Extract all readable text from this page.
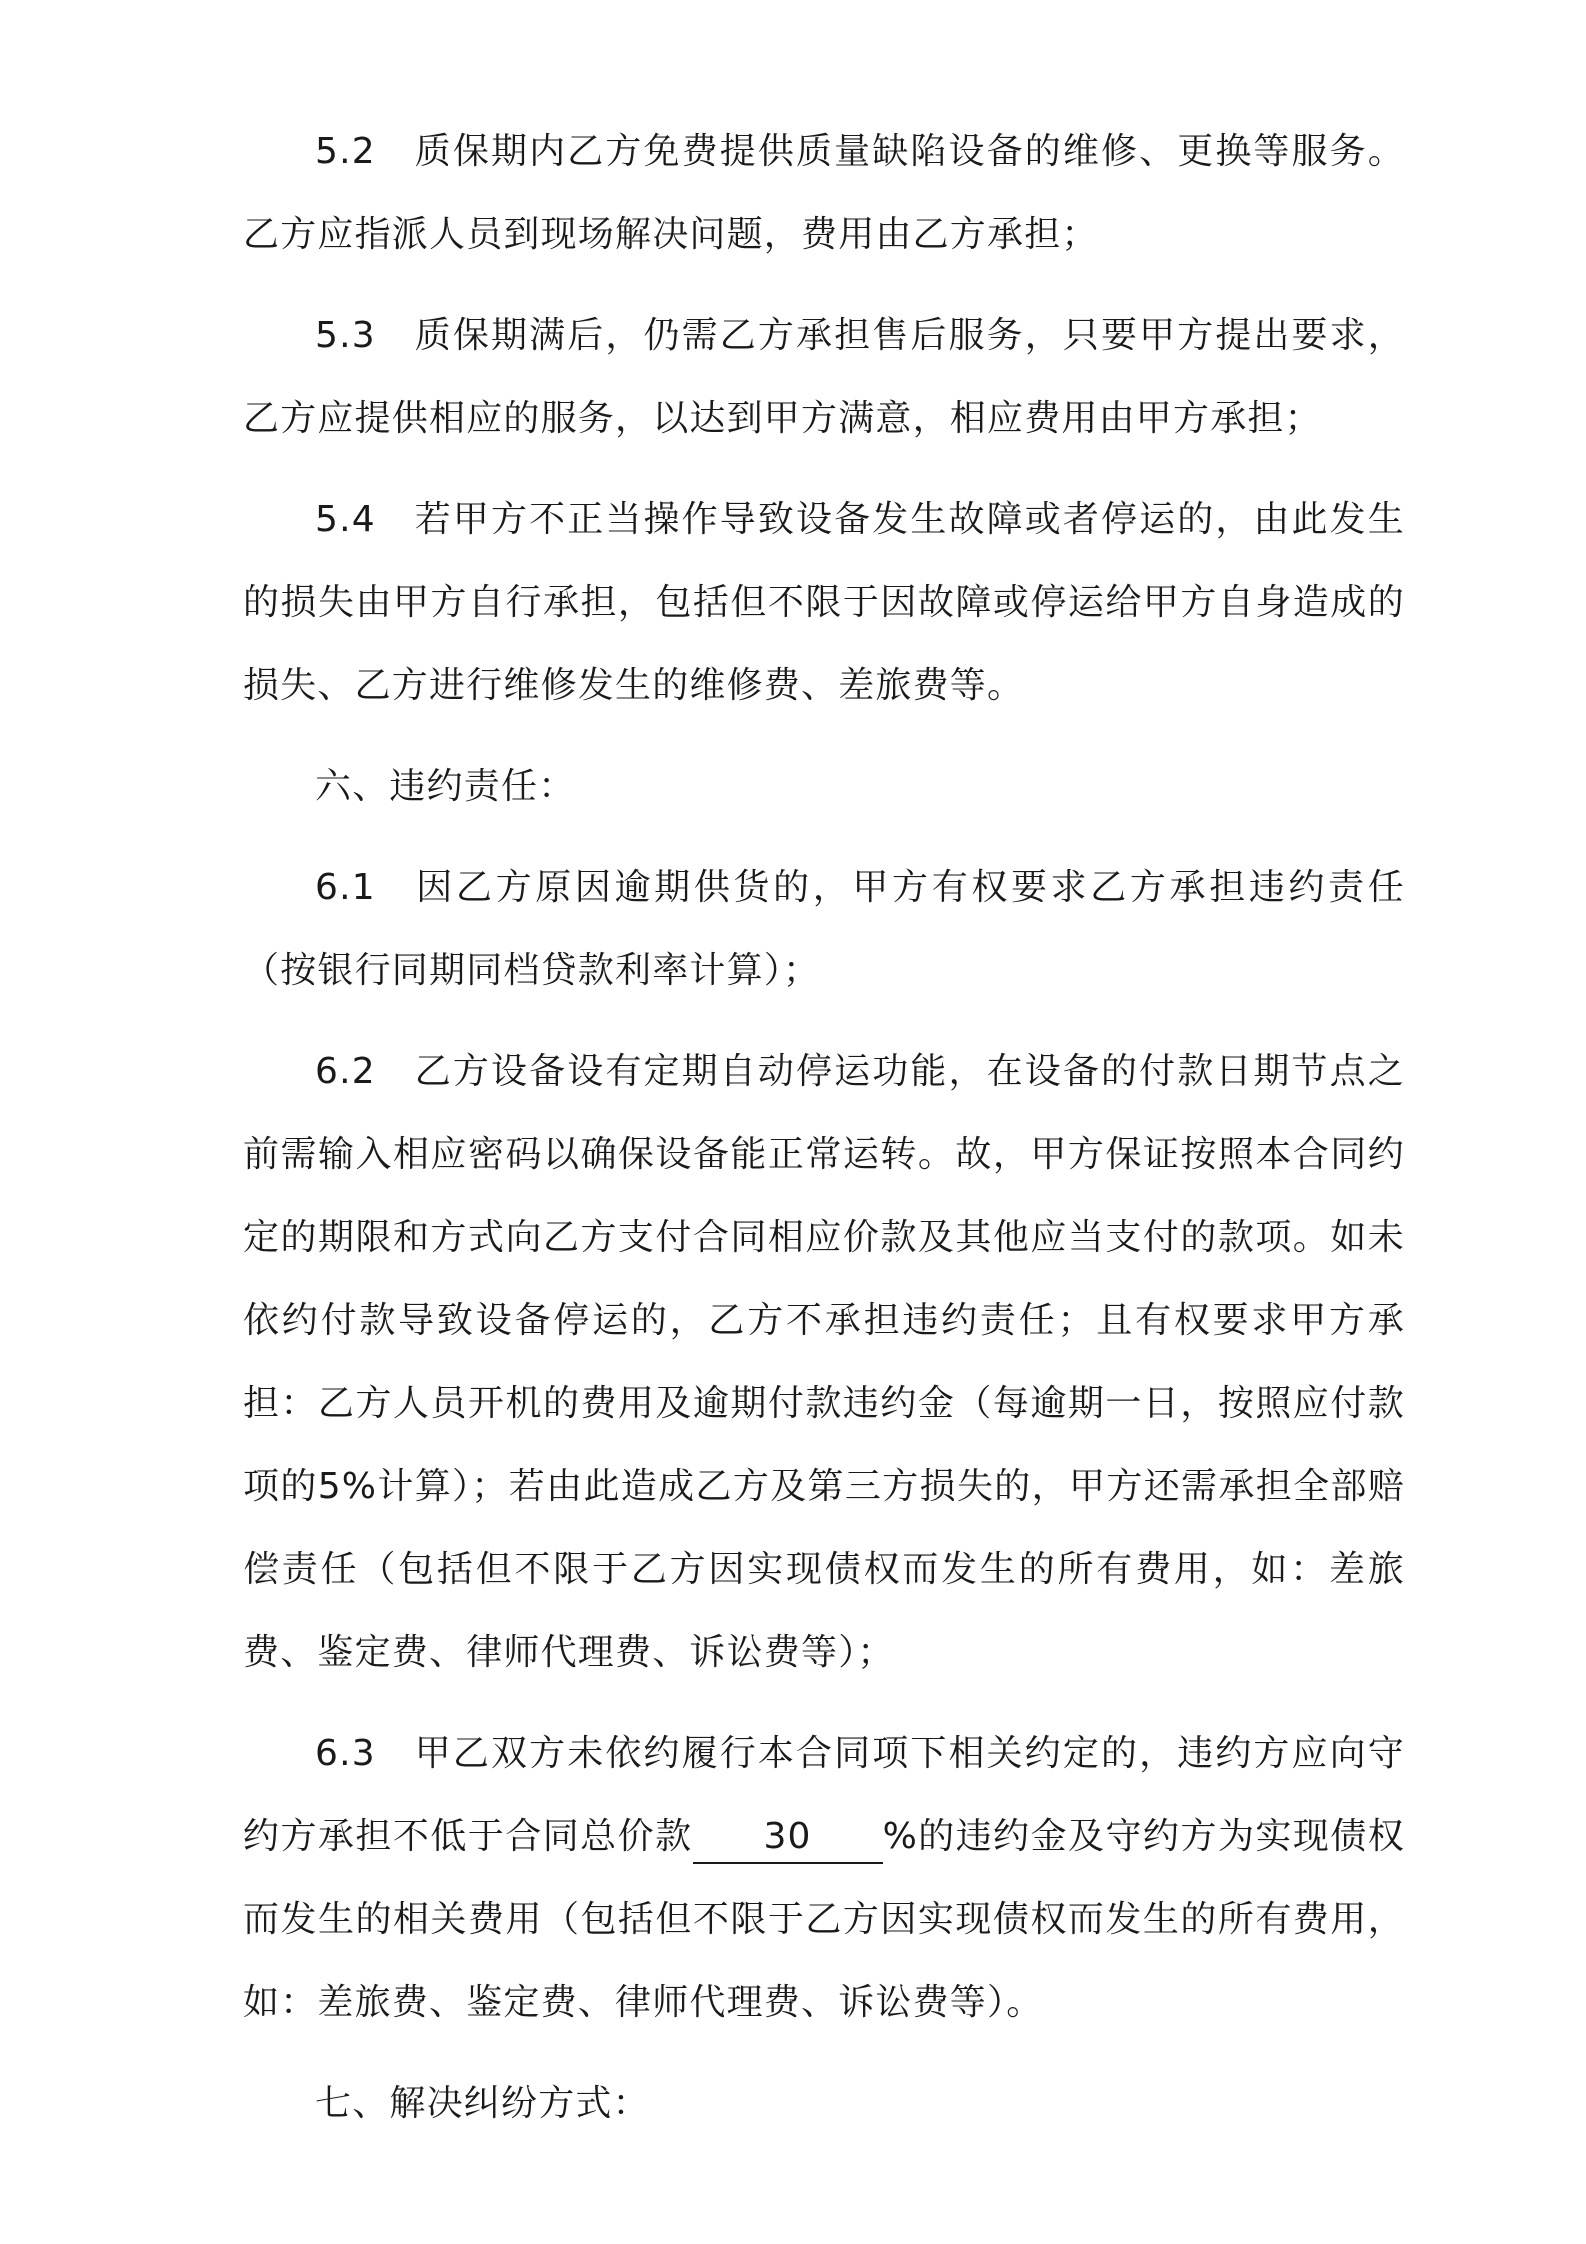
5.2 质保期内乙方免费提供质量缺陷设备的维修、更换等服务。乙方应指派人员到现场解决问题，费用由乙方承担；

5.3 质保期满后，仍需乙方承担售后服务，只要甲方提出要求，乙方应提供相应的服务，以达到甲方满意，相应费用由甲方承担；

5.4 若甲方不正当操作导致设备发生故障或者停运的，由此发生的损失由甲方自行承担，包括但不限于因故障或停运给甲方自身造成的损失、乙方进行维修发生的维修费、差旅费等。

六、违约责任：

6.1 因乙方原因逾期供货的，甲方有权要求乙方承担违约责任（按银行同期同档贷款利率计算）；

6.2 乙方设备设有定期自动停运功能，在设备的付款日期节点之前需输入相应密码以确保设备能正常运转。故，甲方保证按照本合同约定的期限和方式向乙方支付合同相应价款及其他应当支付的款项。如未依约付款导致设备停运的，乙方不承担违约责任；且有权要求甲方承担：乙方人员开机的费用及逾期付款违约金（每逾期一日，按照应付款项的5%计算）；若由此造成乙方及第三方损失的，甲方还需承担全部赔偿责任（包括但不限于乙方因实现债权而发生的所有费用，如：差旅费、鉴定费、律师代理费、诉讼费等）；

6.3 甲乙双方未依约履行本合同项下相关约定的，违约方应向守约方承担不低于合同总价款 30 %的违约金及守约方为实现债权而发生的相关费用（包括但不限于乙方因实现债权而发生的所有费用，如：差旅费、鉴定费、律师代理费、诉讼费等）。

七、解决纠纷方式：
